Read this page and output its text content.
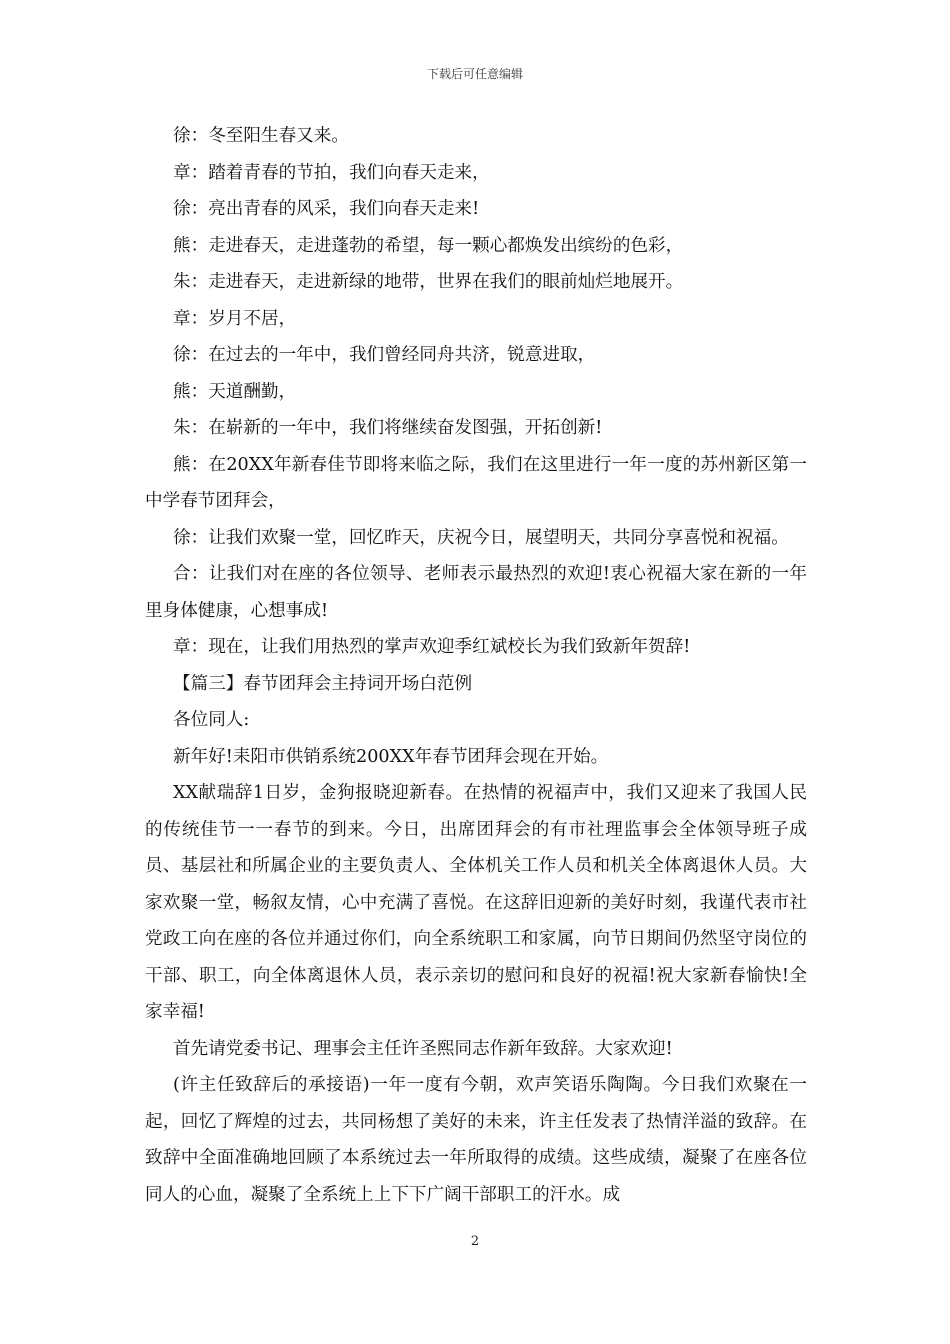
下载后可任意编辑

徐：冬至阳生春又来。

章：踏着青春的节拍，我们向春天走来，

徐：亮出青春的风采，我们向春天走来!

熊：走进春天，走进蓬勃的希望，每一颗心都焕发出缤纷的色彩，

朱：走进春天，走进新绿的地带，世界在我们的眼前灿烂地展开。

章：岁月不居，

徐：在过去的一年中，我们曾经同舟共济，锐意进取，

熊：天道酬勤，

朱：在崭新的一年中，我们将继续奋发图强，开拓创新!

熊：在20XX年新春佳节即将来临之际，我们在这里进行一年一度的苏州新区第一中学春节团拜会，

徐：让我们欢聚一堂，回忆昨天，庆祝今日，展望明天，共同分享喜悦和祝福。

合：让我们对在座的各位领导、老师表示最热烈的欢迎!衷心祝福大家在新的一年里身体健康，心想事成!

章：现在，让我们用热烈的掌声欢迎季红斌校长为我们致新年贺辞!

【篇三】春节团拜会主持词开场白范例

各位同人:

新年好!耒阳市供销系统200XX年春节团拜会现在开始。

XX献瑞辞1日岁，金狗报晓迎新春。在热情的祝福声中，我们又迎来了我国人民的传统佳节一一春节的到来。今日，出席团拜会的有市社理监事会全体领导班子成员、基层社和所属企业的主要负责人、全体机关工作人员和机关全体离退休人员。大家欢聚一堂，畅叙友情，心中充满了喜悦。在这辞旧迎新的美好时刻，我谨代表市社党政工向在座的各位并通过你们，向全系统职工和家属，向节日期间仍然坚守岗位的干部、职工，向全体离退休人员，表示亲切的慰问和良好的祝福!祝大家新春愉快!全家幸福!

首先请党委书记、理事会主任许圣熙同志作新年致辞。大家欢迎!

(许主任致辞后的承接语)一年一度有今朝，欢声笑语乐陶陶。今日我们欢聚在一起，回忆了辉煌的过去，共同杨想了美好的未来，许主任发表了热情洋溢的致辞。在致辞中全面准确地回顾了本系统过去一年所取得的成绩。这些成绩，凝聚了在座各位同人的心血，凝聚了全系统上上下下广阔干部职工的汗水。成

2
